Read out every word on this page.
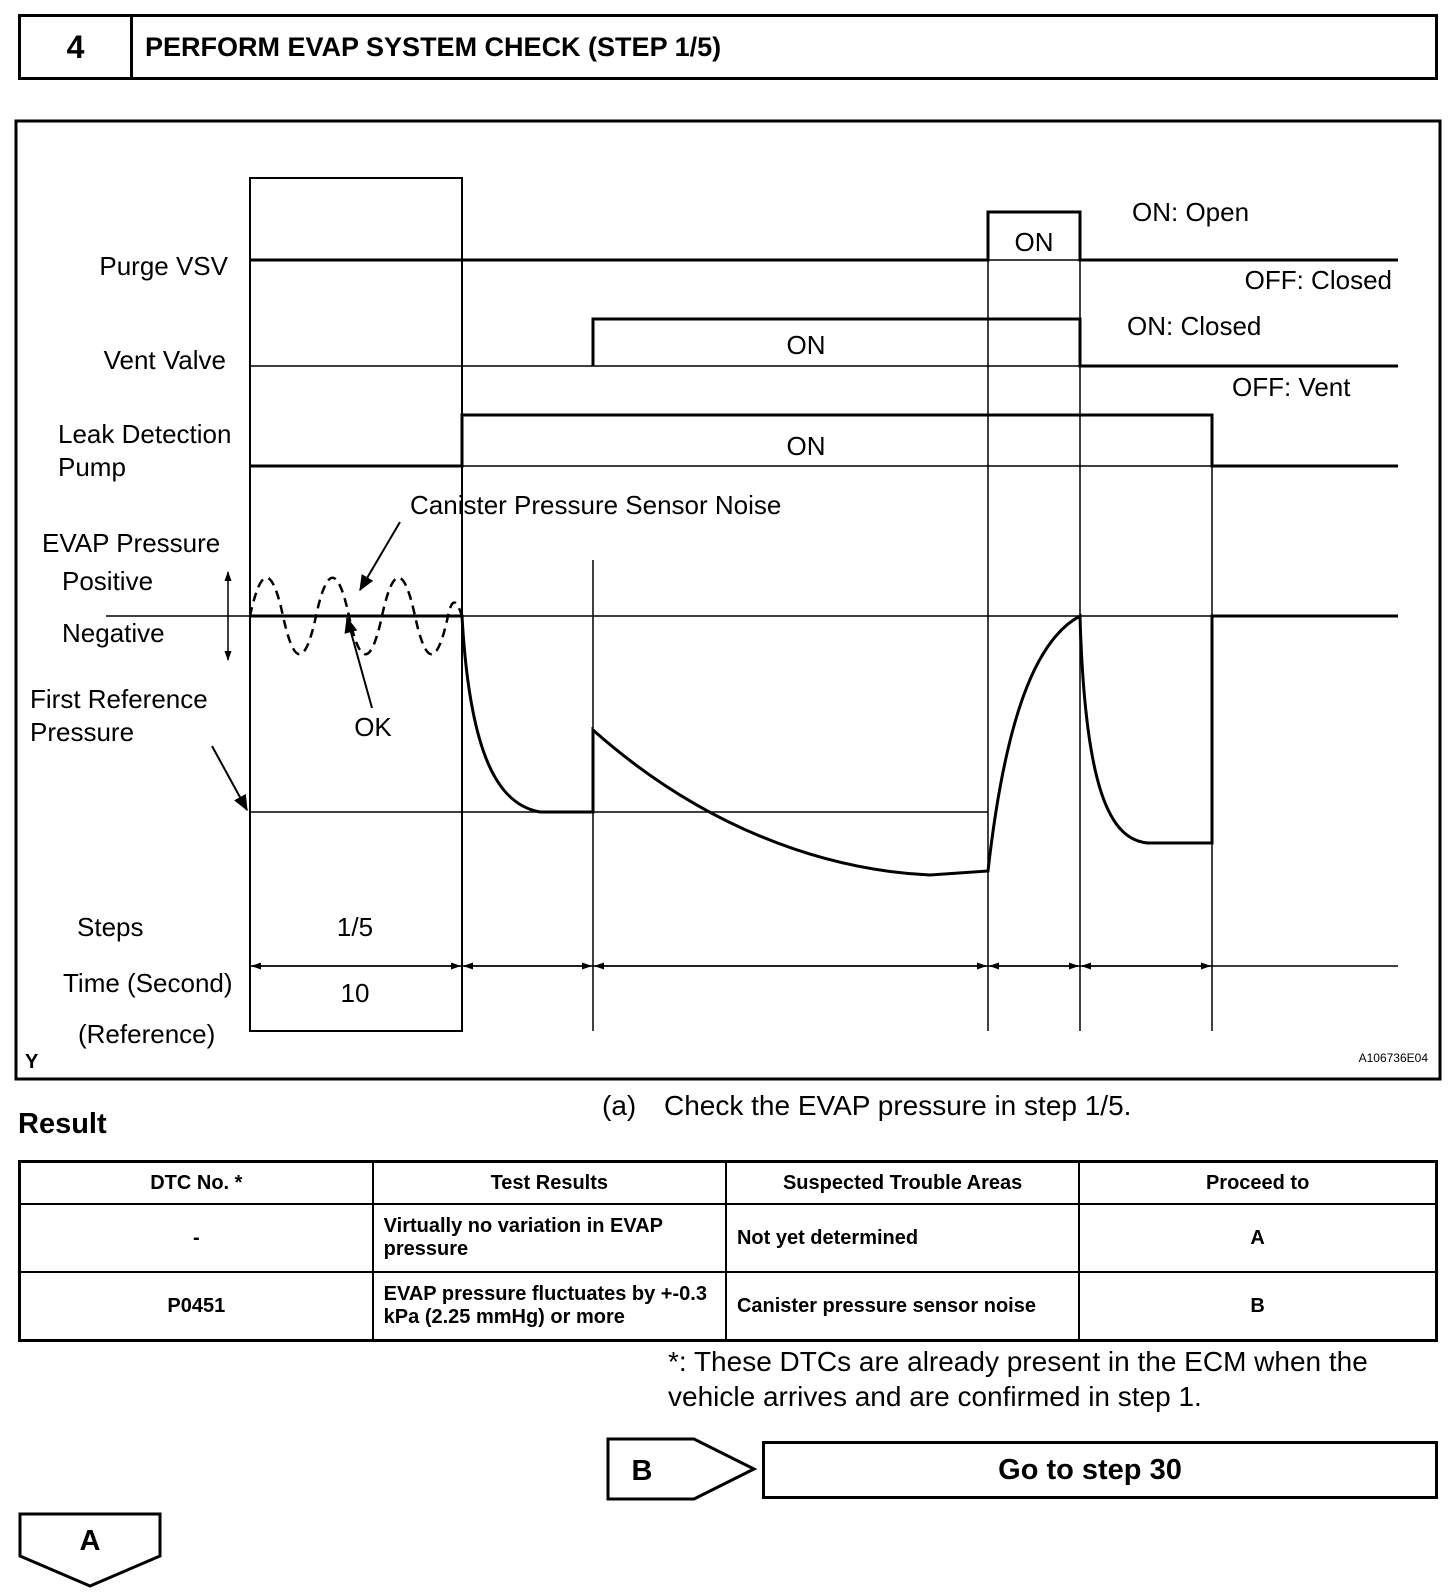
4	PERFORM EVAP SYSTEM CHECK (STEP 1/5)
Purge VSV
Vent Valve
Leak Detection
Pump
EVAP Pressure
Positive
Negative
First Reference
Pressure
Steps
Time (Second)
(Reference)
ON
ON
ON
ON: Open
OFF: Closed
ON: Closed
OFF: Vent
Canister Pressure Sensor Noise
OK
1/5
10
Y	A106736E04
(a) Check the EVAP pressure in step 1/5.
Result
DTC No. *	Test Results	Suspected Trouble Areas	Proceed to
-	Virtually no variation in EVAP pressure	Not yet determined	A
P0451	EVAP pressure fluctuates by +-0.3 kPa (2.25 mmHg) or more	Canister pressure sensor noise	B
*: These DTCs are already present in the ECM when the vehicle arrives and are confirmed in step 1.
B	Go to step 30
A
